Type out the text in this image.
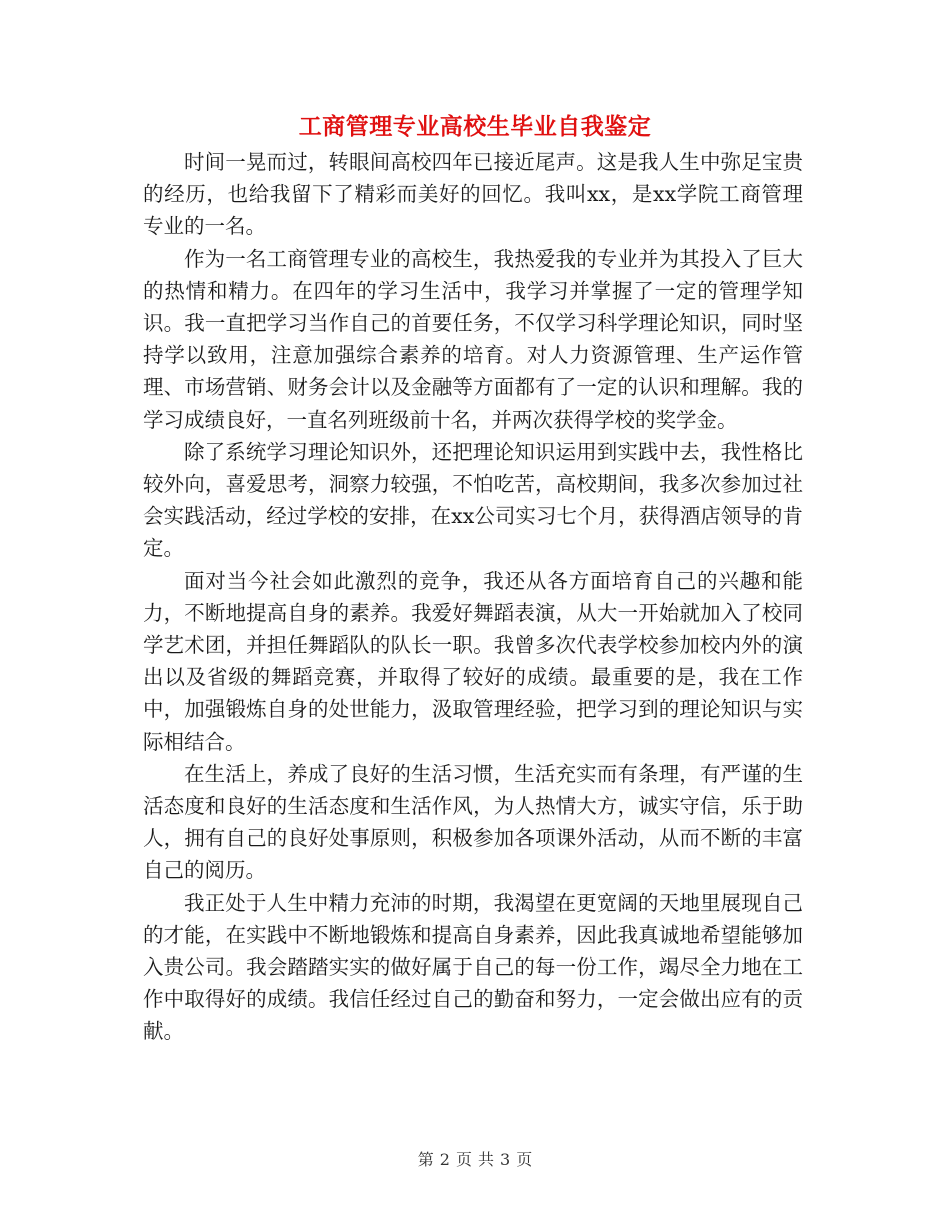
工商管理专业高校生毕业自我鉴定

时间一晃而过，转眼间高校四年已接近尾声。这是我人生中弥足宝贵的经历，也给我留下了精彩而美好的回忆。我叫xx，是xx学院工商管理专业的一名。

作为一名工商管理专业的高校生，我热爱我的专业并为其投入了巨大的热情和精力。在四年的学习生活中，我学习并掌握了一定的管理学知识。我一直把学习当作自己的首要任务，不仅学习科学理论知识，同时坚持学以致用，注意加强综合素养的培育。对人力资源管理、生产运作管理、市场营销、财务会计以及金融等方面都有了一定的认识和理解。我的学习成绩良好，一直名列班级前十名，并两次获得学校的奖学金。

除了系统学习理论知识外，还把理论知识运用到实践中去，我性格比较外向，喜爱思考，洞察力较强，不怕吃苦，高校期间，我多次参加过社会实践活动，经过学校的安排，在xx公司实习七个月，获得酒店领导的肯定。

面对当今社会如此激烈的竞争，我还从各方面培育自己的兴趣和能力，不断地提高自身的素养。我爱好舞蹈表演，从大一开始就加入了校同学艺术团，并担任舞蹈队的队长一职。我曾多次代表学校参加校内外的演出以及省级的舞蹈竞赛，并取得了较好的成绩。最重要的是，我在工作中，加强锻炼自身的处世能力，汲取管理经验，把学习到的理论知识与实际相结合。

在生活上，养成了良好的生活习惯，生活充实而有条理，有严谨的生活态度和良好的生活态度和生活作风，为人热情大方，诚实守信，乐于助人，拥有自己的良好处事原则，积极参加各项课外活动，从而不断的丰富自己的阅历。

我正处于人生中精力充沛的时期，我渴望在更宽阔的天地里展现自己的才能，在实践中不断地锻炼和提高自身素养，因此我真诚地希望能够加入贵公司。我会踏踏实实的做好属于自己的每一份工作，竭尽全力地在工作中取得好的成绩。我信任经过自己的勤奋和努力，一定会做出应有的贡献。

第 2 页 共 3 页
